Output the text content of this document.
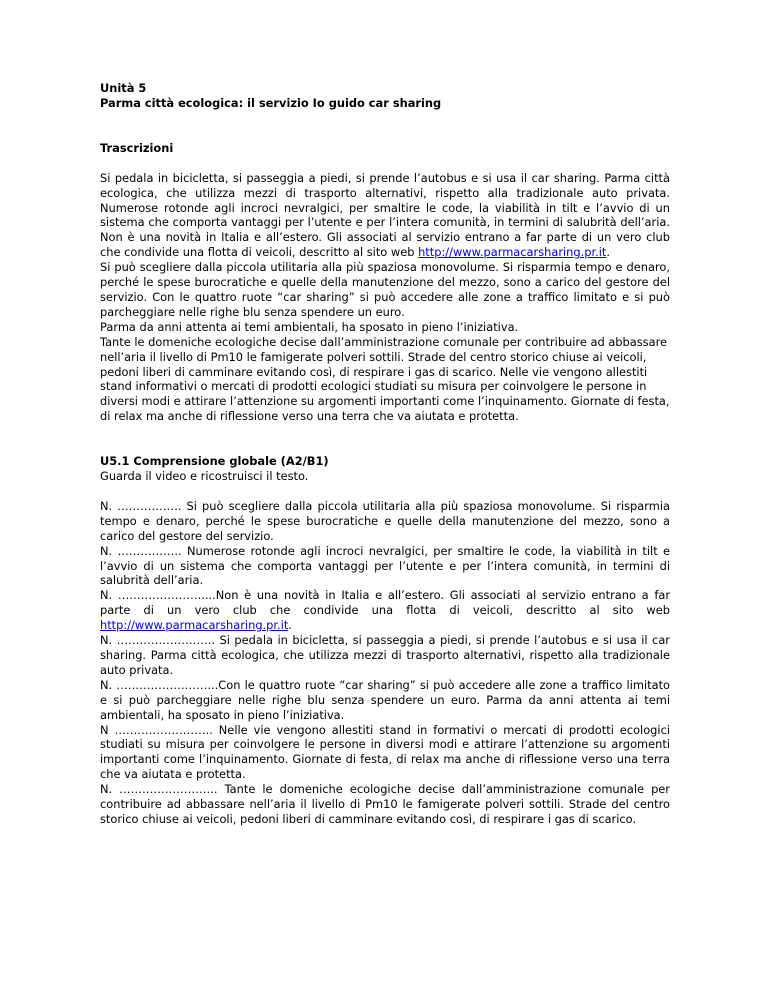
Unità 5

Parma città ecologica: il servizio Io guido car sharing

Trascrizioni

Si pedala in bicicletta, si passeggia a piedi, si prende l’autobus e si usa il car sharing. Parma città ecologica, che utilizza mezzi di trasporto alternativi, rispetto alla tradizionale auto privata. Numerose rotonde agli incroci nevralgici, per smaltire le code, la viabilità in tilt e l’avvio di un sistema che comporta vantaggi per l’utente e per l’intera comunità, in termini di salubrità dell’aria. Non è una novità in Italia e all’estero. Gli associati al servizio entrano a far parte di un vero club che condivide una flotta di veicoli, descritto al sito web http://www.parmacarsharing.pr.it.

Si può scegliere dalla piccola utilitaria alla più spaziosa monovolume. Si risparmia tempo e denaro, perché le spese burocratiche e quelle della manutenzione del mezzo, sono a carico del gestore del servizio. Con le quattro ruote “car sharing” si può accedere alle zone a traffico limitato e si può parcheggiare nelle righe blu senza spendere un euro.

Parma da anni attenta ai temi ambientali, ha sposato in pieno l’iniziativa.

Tante le domeniche ecologiche decise dall’amministrazione comunale per contribuire ad abbassare nell’aria il livello di Pm10 le famigerate polveri sottili. Strade del centro storico chiuse ai veicoli, pedoni liberi di camminare evitando così, di respirare i gas di scarico. Nelle vie vengono allestiti stand informativi o mercati di prodotti ecologici studiati su misura per coinvolgere le persone in diversi modi e attirare l’attenzione su argomenti importanti come l’inquinamento. Giornate di festa, di relax ma anche di riflessione verso una terra che va aiutata e protetta.

U5.1 Comprensione globale (A2/B1)

Guarda il video e ricostruisci il testo.

N. …………….. Si può scegliere dalla piccola utilitaria alla più spaziosa monovolume. Si risparmia tempo e denaro, perché le spese burocratiche e quelle della manutenzione del mezzo, sono a carico del gestore del servizio.

N. …………….. Numerose rotonde agli incroci nevralgici, per smaltire le code, la viabilità in tilt e l’avvio di un sistema che comporta vantaggi per l’utente e per l’intera comunità, in termini di salubrità dell’aria.

N. ………………….....Non è una novità in Italia e all’estero. Gli associati al servizio entrano a far parte di un vero club che condivide una flotta di veicoli, descritto al sito web http://www.parmacarsharing.pr.it.

N. …………………….. Si pedala in bicicletta, si passeggia a piedi, si prende l’autobus e si usa il car sharing. Parma città ecologica, che utilizza mezzi di trasporto alternativi, rispetto alla tradizionale auto privata.

N. ……………………...Con le quattro ruote “car sharing” si può accedere alle zone a traffico limitato e si può parcheggiare nelle righe blu senza spendere un euro. Parma da anni attenta ai temi ambientali, ha sposato in pieno l’iniziativa.

N …………………….. Nelle vie vengono allestiti stand in formativi o mercati di prodotti ecologici studiati su misura per coinvolgere le persone in diversi modi e attirare l’attenzione su argomenti importanti come l’inquinamento. Giornate di festa, di relax ma anche di riflessione verso una terra che va aiutata e protetta.

N. …………………….. Tante le domeniche ecologiche decise dall’amministrazione comunale per contribuire ad abbassare nell’aria il livello di Pm10 le famigerate polveri sottili. Strade del centro storico chiuse ai veicoli, pedoni liberi di camminare evitando così, di respirare i gas di scarico.
